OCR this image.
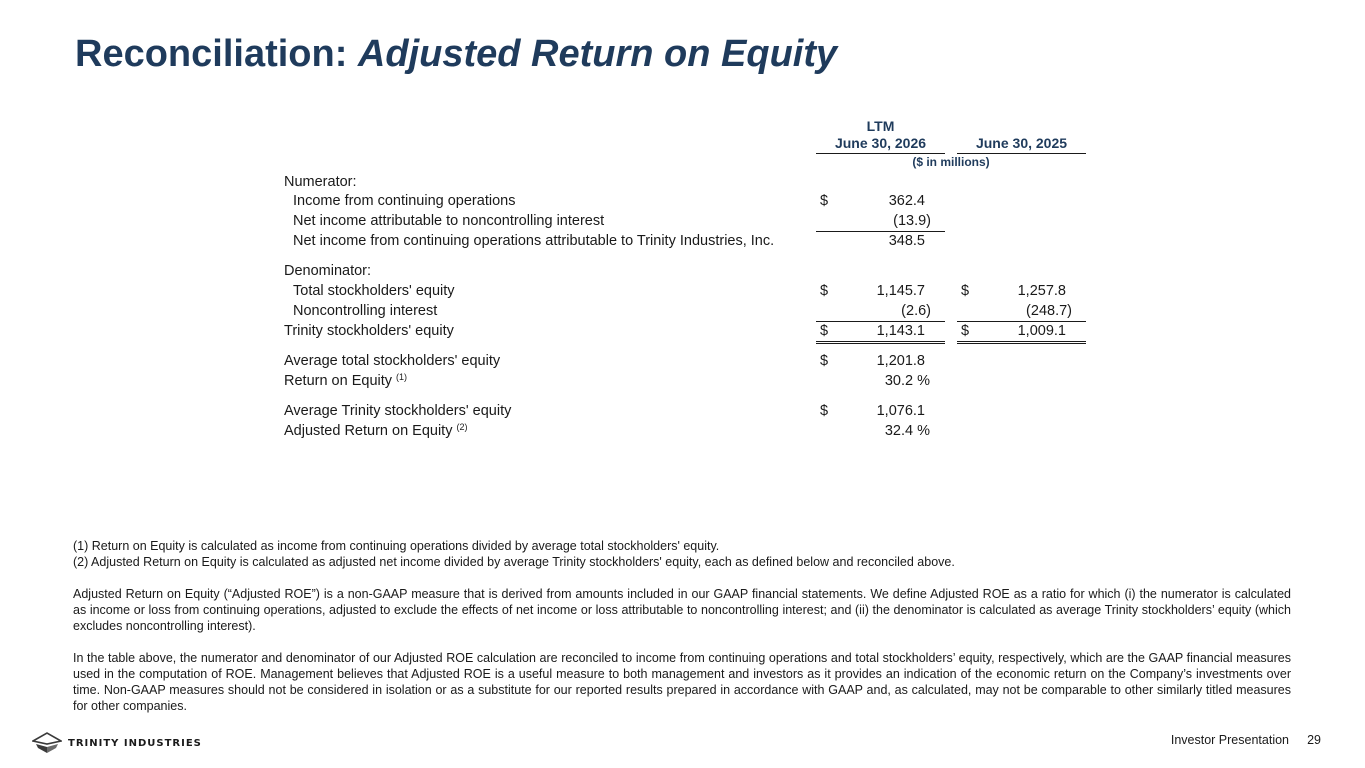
Reconciliation: Adjusted Return on Equity
LTM
June 30, 2026	June 30, 2025
($ in millions)
Numerator:
Income from continuing operations	$	362.4
Net income attributable to noncontrolling interest	(13.9)
Net income from continuing operations attributable to Trinity Industries, Inc.	348.5
Denominator:
Total stockholders' equity	$	1,145.7 $	1,257.8
Noncontrolling interest	(2.6)	(248.7)
Trinity stockholders' equity	$	1,143.1 $	1,009.1
Average total stockholders' equity	$	1,201.8
Return on Equity $^{(1)}$	30.2 %
Average Trinity stockholders' equity	$	1,076.1
Adjusted Return on Equity $^{(2)}$	32.4 %

(1) Return on Equity is calculated as income from continuing operations divided by average total stockholders' equity.

(2) Adjusted Return on Equity is calculated as adjusted net income divided by average Trinity stockholders' equity, each as defined below and reconciled above.

Adjusted Return on Equity (“Adjusted ROE”) is a non-GAAP measure that is derived from amounts included in our GAAP financial statements. We define Adjusted ROE as a ratio for which (i) the numerator is calculated as income or loss from continuing operations, adjusted to exclude the effects of net income or loss attributable to noncontrolling interest; and (ii) the denominator is calculated as average Trinity stockholders’ equity (which excludes noncontrolling interest).

In the table above, the numerator and denominator of our Adjusted ROE calculation are reconciled to income from continuing operations and total stockholders’ equity, respectively, which are the GAAP financial measures used in the computation of ROE. Management believes that Adjusted ROE is a useful measure to both management and investors as it provides an indication of the economic return on the Company’s investments over time. Non-GAAP measures should not be considered in isolation or as a substitute for our reported results prepared in accordance with GAAP and, as calculated, may not be comparable to other similarly titled measures for other companies.

TRINITY INDUSTRIES	Investor Presentation 29
